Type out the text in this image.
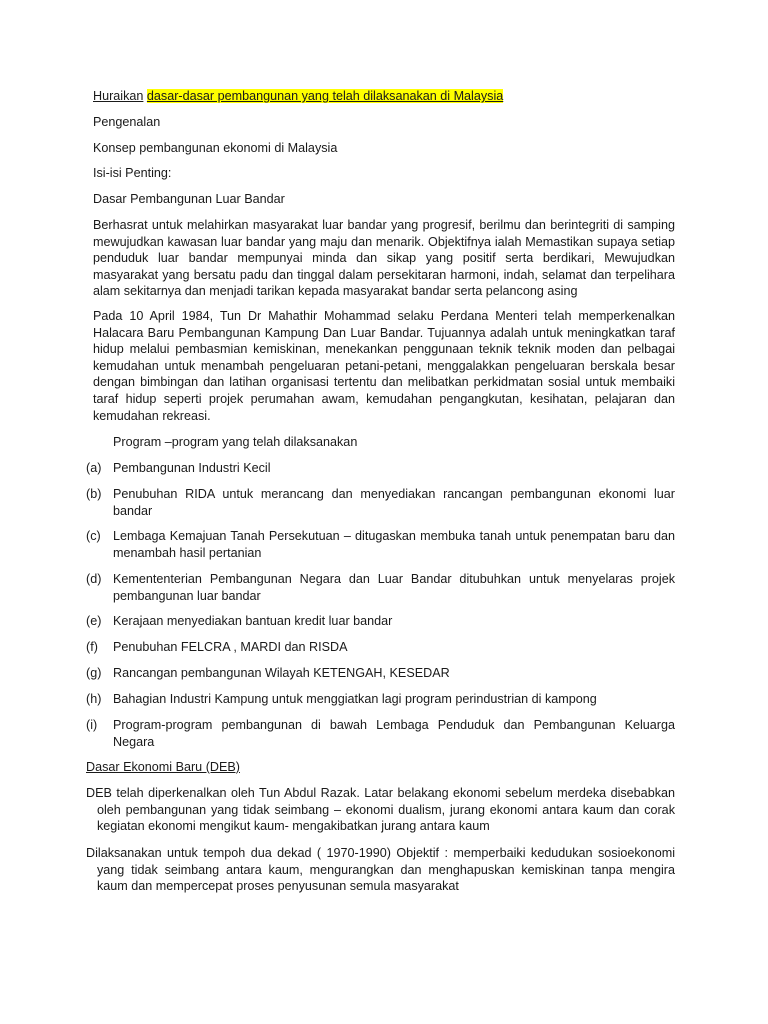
Huraikan dasar-dasar pembangunan yang telah dilaksanakan di Malaysia
Pengenalan
Konsep pembangunan ekonomi di Malaysia
Isi-isi Penting:
Dasar Pembangunan Luar Bandar
Berhasrat untuk melahirkan masyarakat luar bandar yang progresif, berilmu dan berintegriti di samping mewujudkan kawasan luar bandar yang maju dan menarik. Objektifnya ialah Memastikan supaya setiap penduduk luar bandar mempunyai minda dan sikap yang positif serta berdikari, Mewujudkan masyarakat yang bersatu padu dan tinggal dalam persekitaran harmoni, indah, selamat dan terpelihara alam sekitarnya dan menjadi tarikan kepada masyarakat bandar serta pelancong asing
Pada 10 April 1984, Tun Dr Mahathir Mohammad selaku Perdana Menteri telah memperkenalkan Halacara Baru Pembangunan Kampung Dan Luar Bandar. Tujuannya adalah untuk meningkatkan taraf hidup melalui pembasmian kemiskinan, menekankan penggunaan teknik teknik moden dan pelbagai kemudahan untuk menambah pengeluaran petani-petani, menggalakkan pengeluaran berskala besar dengan bimbingan dan latihan organisasi tertentu dan melibatkan perkidmatan sosial untuk membaiki taraf hidup seperti projek perumahan awam, kemudahan pengangkutan, kesihatan, pelajaran dan kemudahan rekreasi.
Program –program yang telah dilaksanakan
(a) Pembangunan Industri Kecil
(b) Penubuhan RIDA untuk merancang dan menyediakan rancangan pembangunan ekonomi luar bandar
(c) Lembaga Kemajuan Tanah Persekutuan – ditugaskan membuka tanah untuk penempatan baru dan menambah hasil pertanian
(d) Kemententerian Pembangunan Negara dan Luar Bandar ditubuhkan untuk menyelaras projek pembangunan luar bandar
(e) Kerajaan menyediakan bantuan kredit luar bandar
(f) Penubuhan FELCRA , MARDI dan RISDA
(g) Rancangan pembangunan Wilayah KETENGAH, KESEDAR
(h) Bahagian Industri Kampung untuk menggiatkan lagi program perindustrian di kampong
(i) Program-program pembangunan di bawah Lembaga Penduduk dan Pembangunan Keluarga Negara
Dasar Ekonomi Baru (DEB)
DEB telah diperkenalkan oleh Tun Abdul Razak. Latar belakang ekonomi sebelum merdeka disebabkan oleh pembangunan yang tidak seimbang – ekonomi dualism, jurang ekonomi antara kaum dan corak kegiatan ekonomi mengikut kaum- mengakibatkan jurang antara kaum
Dilaksanakan untuk tempoh dua dekad ( 1970-1990) Objektif : memperbaiki kedudukan sosioekonomi yang tidak seimbang antara kaum, mengurangkan dan menghapuskan kemiskinan tanpa mengira kaum dan mempercepat proses penyusunan semula masyarakat
